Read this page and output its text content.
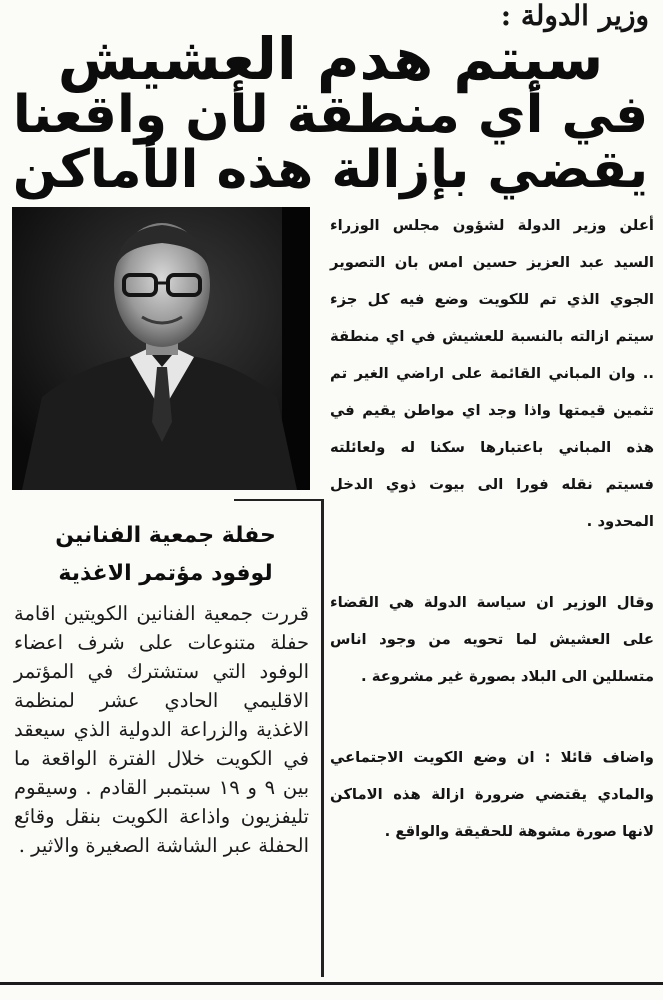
وزير الدولة :
سيتم هدم العشيش
في أي منطقة لأن واقعنا
يقضي بإزالة هذه الأماكن
حفلة جمعية الفنانين
لوفود مؤتمر الاغذية
قررت جمعية الفنانين الكويتين اقامة حفلة متنوعات على شرف اعضاء الوفود التي ستشترك في المؤتمر الاقليمي الحادي عشر لمنظمة الاغذية والزراعة الدولية الذي سيعقد في الكويت خلال الفترة الواقعة ما بين ٩ و ١٩ سبتمبر القادم . وسيقوم تليفزيون واذاعة الكويت بنقل وقائع الحفلة عبر الشاشة الصغيرة والاثير .

أعلن وزير الدولة لشؤون مجلس الوزراء السيد عبد العزيز حسين امس بان التصوير الجوي الذي تم للكويت وضع فيه كل جزء سيتم ازالته بالنسبة للعشيش في اي منطقة .. وان المباني القائمة على اراضي الغير تم تثمين قيمتها واذا وجد اي مواطن يقيم في هذه المباني باعتبارها سكنا له ولعائلته فسيتم نقله فورا الى بيوت ذوي الدخل المحدود .

وقال الوزير ان سياسة الدولة هي القضاء على العشيش لما تحويه من وجود اناس متسللين الى البلاد بصورة غير مشروعة .

واضاف قائلا : ان وضع الكويت الاجتماعي والمادي يقتضي ضرورة ازالة هذه الاماكن لانها صورة مشوهة للحقيقة والواقع .
